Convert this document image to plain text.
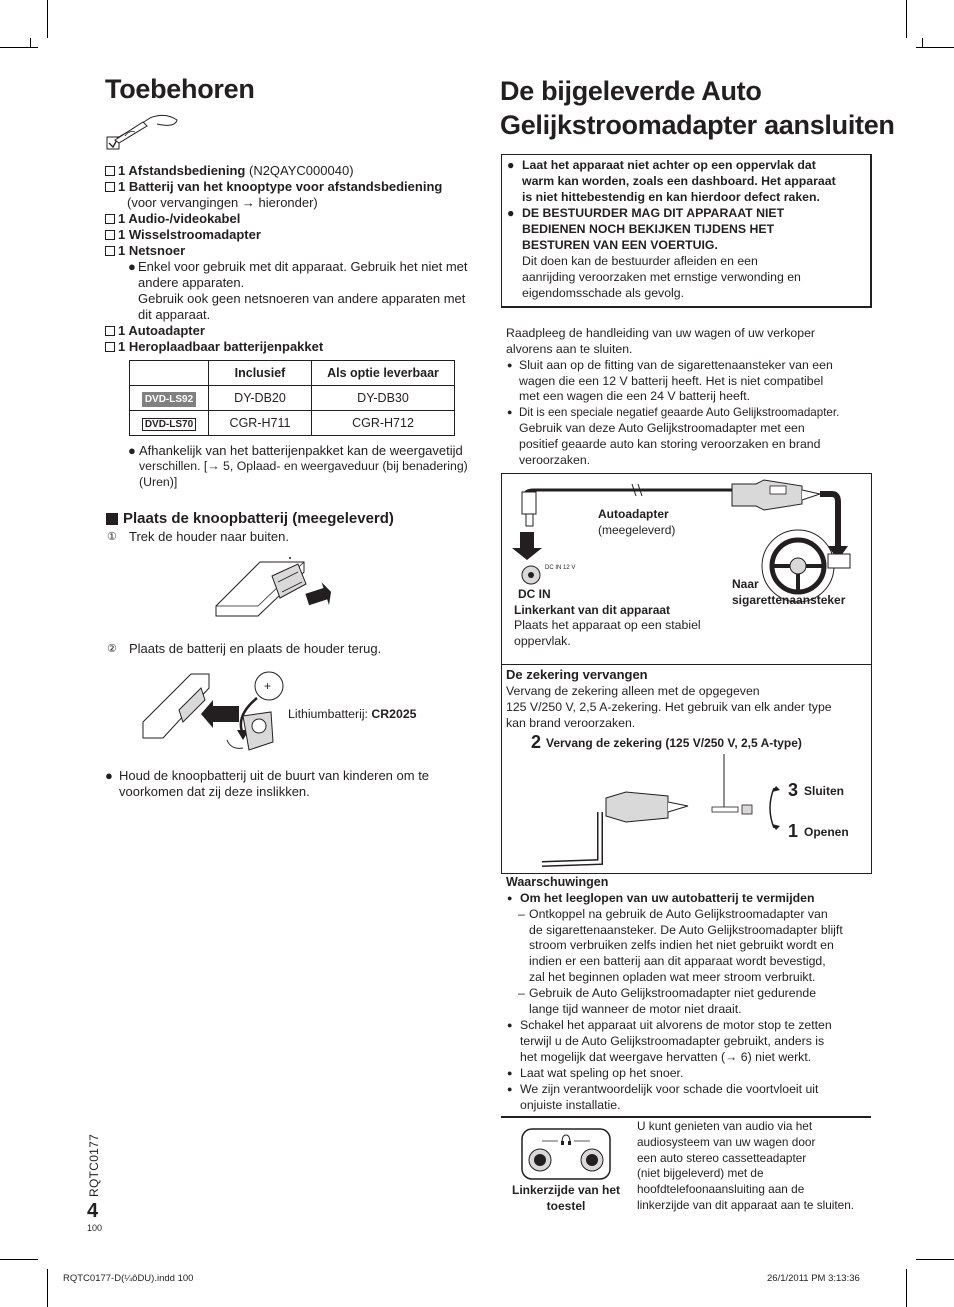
Toebehoren
1 Afstandsbediening (N2QAYC000040)
1 Batterij van het knooptype voor afstandsbediening
(voor vervangingen → hieronder)
1 Audio-/videokabel
1 Wisselstroomadapter
1 Netsnoer
● Enkel voor gebruik met dit apparaat. Gebruik het niet met
andere apparaten.
Gebruik ook geen netsnoeren van andere apparaten met
dit apparaat.
1 Autoadapter
1 Heroplaadbaar batterijenpakket
	Inclusief	Als optie leverbaar
DVD-LS92	DY-DB20	DY-DB30
DVD-LS70	CGR-H711	CGR-H712
● Afhankelijk van het batterijenpakket kan de weergavetijd
verschillen. [→ 5, Oplaad- en weergaveduur (bij benadering)
(Uren)]
Plaats de knoopbatterij (meegeleverd)
① Trek de houder naar buiten.
② Plaats de batterij en plaats de houder terug.
+
Lithiumbatterij: CR2025
● Houd de knoopbatterij uit de buurt van kinderen om te
voorkomen dat zij deze inslikken.
RQTC0177
4
100
De bijgeleverde Auto
Gelijkstroomadapter aansluiten
● Laat het apparaat niet achter op een oppervlak dat
warm kan worden, zoals een dashboard. Het apparaat
is niet hittebestendig en kan hierdoor defect raken.
● DE BESTUURDER MAG DIT APPARAAT NIET
BEDIENEN NOCH BEKIJKEN TIJDENS HET
BESTUREN VAN EEN VOERTUIG.
Dit doen kan de bestuurder afleiden en een
aanrijding veroorzaken met ernstige verwonding en
eigendomsschade als gevolg.
Raadpleeg de handleiding van uw wagen of uw verkoper
alvorens aan te sluiten.
● Sluit aan op de fitting van de sigarettenaansteker van een
wagen die een 12 V batterij heeft. Het is niet compatibel
met een wagen die een 24 V batterij heeft.
● Dit is een speciale negatief geaarde Auto Gelijkstroomadapter.
Gebruik van deze Auto Gelijkstroomadapter met een
positief geaarde auto kan storing veroorzaken en brand
veroorzaken.
Autoadapter
(meegeleverd)
DC IN 12 V
DC IN
Linkerkant van dit apparaat
Plaats het apparaat op een stabiel
oppervlak.
Naar
sigarettenaansteker
De zekering vervangen
Vervang de zekering alleen met de opgegeven
125 V/250 V, 2,5 A-zekering. Het gebruik van elk ander type
kan brand veroorzaken.
2 Vervang de zekering (125 V/250 V, 2,5 A-type)
3 Sluiten
1 Openen
Waarschuwingen
● Om het leeglopen van uw autobatterij te vermijden
– Ontkoppel na gebruik de Auto Gelijkstroomadapter van
de sigarettenaansteker. De Auto Gelijkstroomadapter blijft
stroom verbruiken zelfs indien het niet gebruikt wordt en
indien er een batterij aan dit apparaat wordt bevestigd,
zal het beginnen opladen wat meer stroom verbruikt.
– Gebruik de Auto Gelijkstroomadapter niet gedurende
lange tijd wanneer de motor niet draait.
● Schakel het apparaat uit alvorens de motor stop te zetten
terwijl u de Auto Gelijkstroomadapter gebruikt, anders is
het mogelijk dat weergave hervatten (→ 6) niet werkt.
● Laat wat speling op het snoer.
● We zijn verantwoordelijk voor schade die voortvloeit uit
onjuiste installatie.
Linkerzijde van het
toestel
U kunt genieten van audio via het
audiosysteem van uw wagen door
een auto stereo cassetteadapter
(niet bijgeleverd) met de
hoofdtelefoonaansluiting aan de
linkerzijde van dit apparaat aan te sluiten.
RQTC0177-D(¼ôDU).indd 100	26/1/2011 PM 3:13:36
